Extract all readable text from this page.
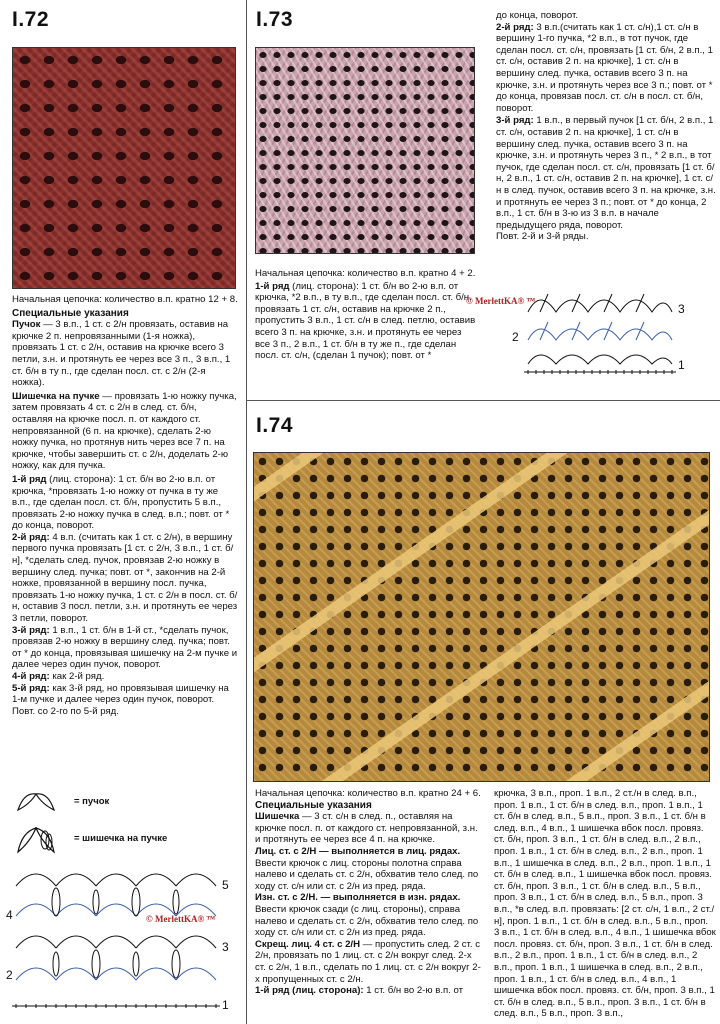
I.72

Начальная цепочка: количество в.п. кратно 12 + 8.

Специальные указания

Пучок — 3 в.п., 1 ст. с 2/н провязать, оставив на крючке 2 п. непровязанными (1-я ножка), провязать 1 ст. с 2/н, оставив на крючке всего 3 петли, з.н. и протянуть ее через все 3 п., 3 в.п., 1 ст. б/н в ту п., где сделан посл. ст. с 2/н (2-я ножка).

Шишечка на пучке — провязать 1-ю ножку пучка, затем провязать 4 ст. с 2/н в след. ст. б/н, оставляя на крючке посл. п. от каждого ст. непровязанной (6 п. на крючке), сделать 2-ю ножку пучка, но протянув нить через все 7 п. на крючке, чтобы завершить ст. с 2/н, доделать 2-ю ножку, как для пучка.

1-й ряд (лиц. сторона): 1 ст. б/н во 2-ю в.п. от крючка, *провязать 1-ю ножку от пучка в ту же в.п., где сделан посл. ст. б/н, пропустить 5 в.п., провязать 2-ю ножку пучка в след. в.п.; повт. от * до конца, поворот.

2-й ряд: 4 в.п. (считать как 1 ст. с 2/н), в вершину первого пучка провязать [1 ст. с 2/н, 3 в.п., 1 ст. б/н], *сделать след. пучок, провязав 2-ю ножку в вершину след. пучка; повт. от *, закончив на 2-й ножке, провязанной в вершину посл. пучка, провязать 1-ю ножку пучка, 1 ст. с 2/н в посл. ст. б/н, оставив 3 посл. петли, з.н. и протянуть ее через 3 петли, поворот.

3-й ряд: 1 в.п., 1 ст. б/н в 1-й ст., *сделать пучок, провязав 2-ю ножку в вершину след. пучка; повт. от * до конца, провязывая шишечку на 2-м пучке и далее через один пучок, поворот.

4-й ряд: как 2-й ряд.

5-й ряд: как 3-й ряд, но провязывая шишечку на 1-м пучке и далее через один пучок, поворот.

Повт. со 2-го по 5-й ряд.

= пучок
= шишечка на пучке
5
4
3
2
1
© MerlettKA® ™
I.73

Начальная цепочка: количество в.п. кратно 4 + 2.

1-й ряд (лиц. сторона): 1 ст. б/н во 2-ю в.п. от крючка, *2 в.п., в ту в.п., где сделан посл. ст. б/н, провязать 1 ст. с/н, оставив на крючке 2 п., пропустить 3 в.п., 1 ст. с/н в след. петлю, оставив всего 3 п. на крючке, з.н. и протянуть ее через все 3 п., 2 в.п., 1 ст. б/н в ту же п., где сделан посл. ст. с/н, (сделан 1 пучок); повт. от *

до конца, поворот.

2-й ряд: 3 в.п.(считать как 1 ст. с/н),1 ст. с/н в вершину 1-го пучка, *2 в.п., в тот пучок, где сделан посл. ст. с/н, провязать [1 ст. б/н, 2 в.п., 1 ст. с/н, оставив 2 п. на крючке], 1 ст. с/н в вершину след. пучка, оставив всего 3 п. на крючке, з.н. и протянуть через все 3 п.; повт. от * до конца, провязав посл. ст. с/н в посл. ст. б/н, поворот.

3-й ряд: 1 в.п., в первый пучок [1 ст. б/н, 2 в.п., 1 ст. с/н, оставив 2 п. на крючке], 1 ст. с/н в вершину след. пучка, оставив всего 3 п. на крючке, з.н. и протянуть через 3 п., * 2 в.п., в тот пучок, где сделан посл. ст. с/н, провязать [1 ст. б/н, 2 в.п., 1 ст. с/н, оставив 2 п. на крючке], 1 ст. с/н в след. пучок, оставив всего 3 п. на крючке, з.н. и протянуть ее через 3 п.; повт. от * до конца, 2 в.п., 1 ст. б/н в 3-ю из 3 в.п. в начале предыдущего ряда, поворот.

Повт. 2-й и 3-й ряды.

3
2
1
© MerlettKA® ™
I.74

Начальная цепочка: количество в.п. кратно 24 + 6.

Специальные указания

Шишечка — 3 ст. с/н в след. п., оставляя на крючке посл. п. от каждого ст. непровязанной, з.н. и протянуть ее через все 4 п. на крючке.

Лиц. ст. с 2/Н — выполняется в лиц. рядах. Ввести крючок с лиц. стороны полотна справа налево и сделать ст. с 2/н, обхватив тело след. по ходу ст. с/н или ст. с 2/н из пред. ряда.

Изн. ст. с 2/Н. — выполняется в изн. рядах. Ввести крючок сзади (с лиц. стороны), справа налево и сделать ст. с 2/н, обхватив тело след. по ходу ст. с/н или ст. с 2/н из пред. ряда.

Скрещ. лиц. 4 ст. с 2/Н — пропустить след. 2 ст. с 2/н, провязать по 1 лиц. ст. с 2/н вокруг след. 2-х ст. с 2/н, 1 в.п., сделать по 1 лиц. ст. с 2/н вокруг 2-х пропущенных ст. с 2/н.

1-й ряд (лиц. сторона): 1 ст. б/н во 2-ю в.п. от

крючка, 3 в.п., проп. 1 в.п., 2 ст./н в след. в.п., проп. 1 в.п., 1 ст. б/н в след. в.п., проп. 1 в.п., 1 ст. б/н в след. в.п., 5 в.п., проп. 3 в.п., 1 ст. б/н в след. в.п., 4 в.п., 1 шишечка вбок посл. провяз. ст. б/н, проп. 3 в.п., 1 ст. б/н в след. в.п., 2 в.п., проп. 1 в.п., 1 ст. б/н в след. в.п., 2 в.п., проп. 1 в.п., 1 шишечка в след. в.п., 2 в.п., проп. 1 в.п., 1 ст. б/н в след. в.п., 1 шишечка вбок посл. провяз. ст. б/н, проп. 3 в.п., 1 ст. б/н в след. в.п., 5 в.п., проп. 3 в.п., 1 ст. б/н в след. в.п., 5 в.п., проп. 3 в.п., *в след. в.п. провязать: [2 ст. с/н, 1 в.п., 2 ст./н], проп. 1 в.п., 1 ст. б/н в след. в.п., 5 в.п., проп. 3 в.п., 1 ст. б/н в след. в.п., 4 в.п., 1 шишечка вбок посл. провяз. ст. б/н, проп. 3 в.п., 1 ст. б/н в след. в.п., 2 в.п., проп. 1 в.п., 1 ст. б/н в след. в.п., 2 в.п., проп. 1 в.п., 1 шишечка в след. в.п., 2 в.п., проп. 1 в.п., 1 ст. б/н в след. в.п., 4 в.п., 1 шишечка вбок посл. провяз. ст. б/н, проп. 3 в.п., 1 ст. б/н в след. в.п., 5 в.п., проп. 3 в.п., 1 ст. б/н в след. в.п., 5 в.п., проп. 3 в.п.,
